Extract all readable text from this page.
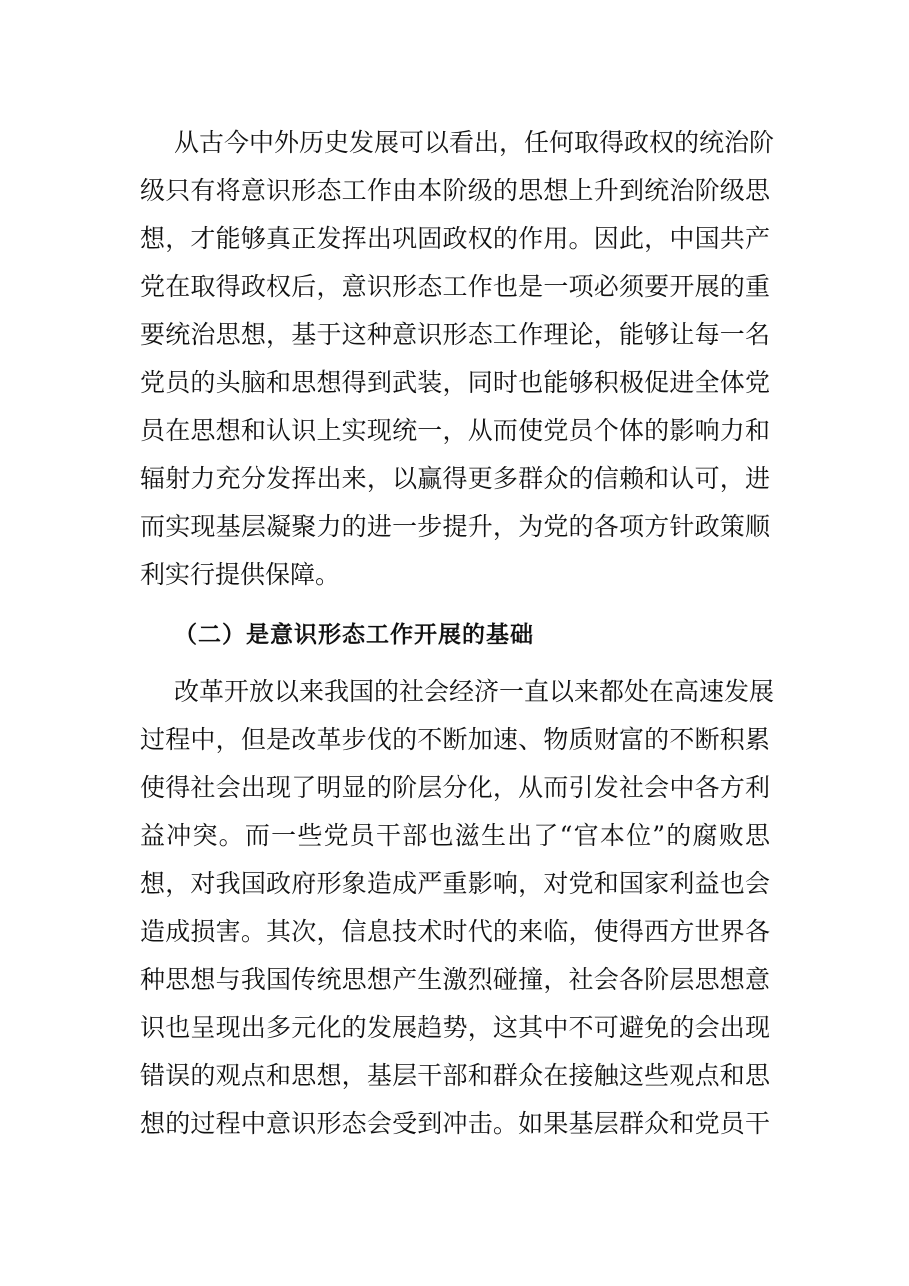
从古今中外历史发展可以看出，任何取得政权的统治阶
级只有将意识形态工作由本阶级的思想上升到统治阶级思
想，才能够真正发挥出巩固政权的作用。因此，中国共产
党在取得政权后，意识形态工作也是一项必须要开展的重
要统治思想，基于这种意识形态工作理论，能够让每一名
党员的头脑和思想得到武装，同时也能够积极促进全体党
员在思想和认识上实现统一，从而使党员个体的影响力和
辐射力充分发挥出来，以赢得更多群众的信赖和认可，进
而实现基层凝聚力的进一步提升，为党的各项方针政策顺
利实行提供保障。
（二）是意识形态工作开展的基础
改革开放以来我国的社会经济一直以来都处在高速发展
过程中，但是改革步伐的不断加速、物质财富的不断积累
使得社会出现了明显的阶层分化，从而引发社会中各方利
益冲突。而一些党员干部也滋生出了“官本位”的腐败思
想，对我国政府形象造成严重影响，对党和国家利益也会
造成损害。其次，信息技术时代的来临，使得西方世界各
种思想与我国传统思想产生激烈碰撞，社会各阶层思想意
识也呈现出多元化的发展趋势，这其中不可避免的会出现
错误的观点和思想，基层干部和群众在接触这些观点和思
想的过程中意识形态会受到冲击。如果基层群众和党员干
